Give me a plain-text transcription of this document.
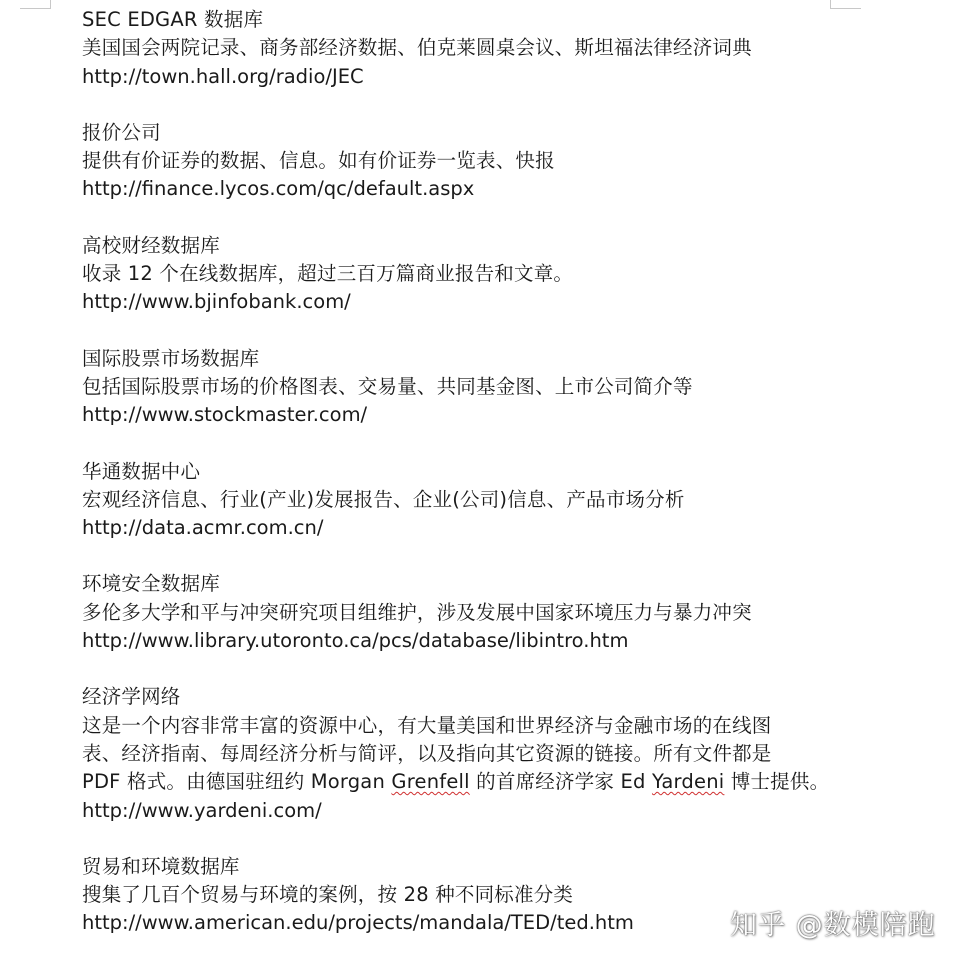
SEC EDGAR 数据库
美国国会两院记录、商务部经济数据、伯克莱圆桌会议、斯坦福法律经济词典
http://town.hall.org/radio/JEC
报价公司
提供有价证券的数据、信息。如有价证券一览表、快报
http://finance.lycos.com/qc/default.aspx
高校财经数据库
收录 12 个在线数据库，超过三百万篇商业报告和文章。
http://www.bjinfobank.com/
国际股票市场数据库
包括国际股票市场的价格图表、交易量、共同基金图、上市公司简介等
http://www.stockmaster.com/
华通数据中心
宏观经济信息、行业(产业)发展报告、企业(公司)信息、产品市场分析
http://data.acmr.com.cn/
环境安全数据库
多伦多大学和平与冲突研究项目组维护，涉及发展中国家环境压力与暴力冲突
http://www.library.utoronto.ca/pcs/database/libintro.htm
经济学网络
这是一个内容非常丰富的资源中心，有大量美国和世界经济与金融市场的在线图
表、经济指南、每周经济分析与简评，以及指向其它资源的链接。所有文件都是
PDF 格式。由德国驻纽约 Morgan Grenfell 的首席经济学家 Ed Yardeni 博士提供。
http://www.yardeni.com/
贸易和环境数据库
搜集了几百个贸易与环境的案例，按 28 种不同标准分类
http://www.american.edu/projects/mandala/TED/ted.htm	知乎 @数模陪跑
